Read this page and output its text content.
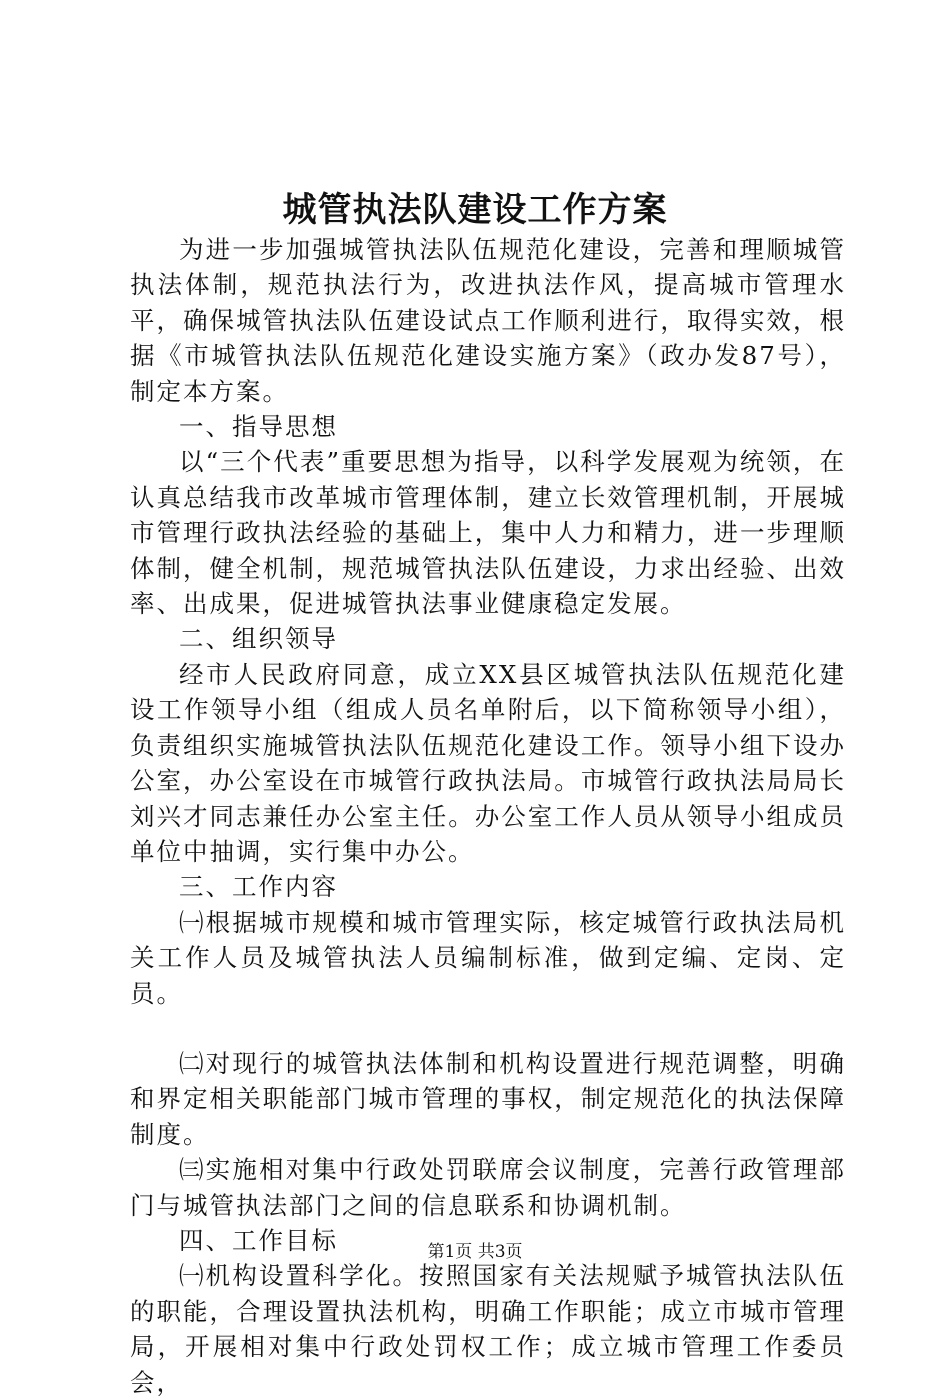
城管执法队建设工作方案

为进一步加强城管执法队伍规范化建设，完善和理顺城管执法体制，规范执法行为，改进执法作风，提高城市管理水平，确保城管执法队伍建设试点工作顺利进行，取得实效，根据《市城管执法队伍规范化建设实施方案》（政办发87号），制定本方案。

一、指导思想

以“三个代表”重要思想为指导，以科学发展观为统领，在认真总结我市改革城市管理体制，建立长效管理机制，开展城市管理行政执法经验的基础上，集中人力和精力，进一步理顺体制，健全机制，规范城管执法队伍建设，力求出经验、出效率、出成果，促进城管执法事业健康稳定发展。

二、组织领导

经市人民政府同意，成立XX县区城管执法队伍规范化建设工作领导小组（组成人员名单附后，以下简称领导小组），负责组织实施城管执法队伍规范化建设工作。领导小组下设办公室，办公室设在市城管行政执法局。市城管行政执法局局长刘兴才同志兼任办公室主任。办公室工作人员从领导小组成员单位中抽调，实行集中办公。

三、工作内容

㈠根据城市规模和城市管理实际，核定城管行政执法局机关工作人员及城管执法人员编制标准，做到定编、定岗、定员。

㈡对现行的城管执法体制和机构设置进行规范调整，明确和界定相关职能部门城市管理的事权，制定规范化的执法保障制度。

㈢实施相对集中行政处罚联席会议制度，完善行政管理部门与城管执法部门之间的信息联系和协调机制。

四、工作目标

㈠机构设置科学化。按照国家有关法规赋予城管执法队伍的职能，合理设置执法机构，明确工作职能；成立市城市管理局，开展相对集中行政处罚权工作；成立城市管理工作委员会，

第1页 共3页
